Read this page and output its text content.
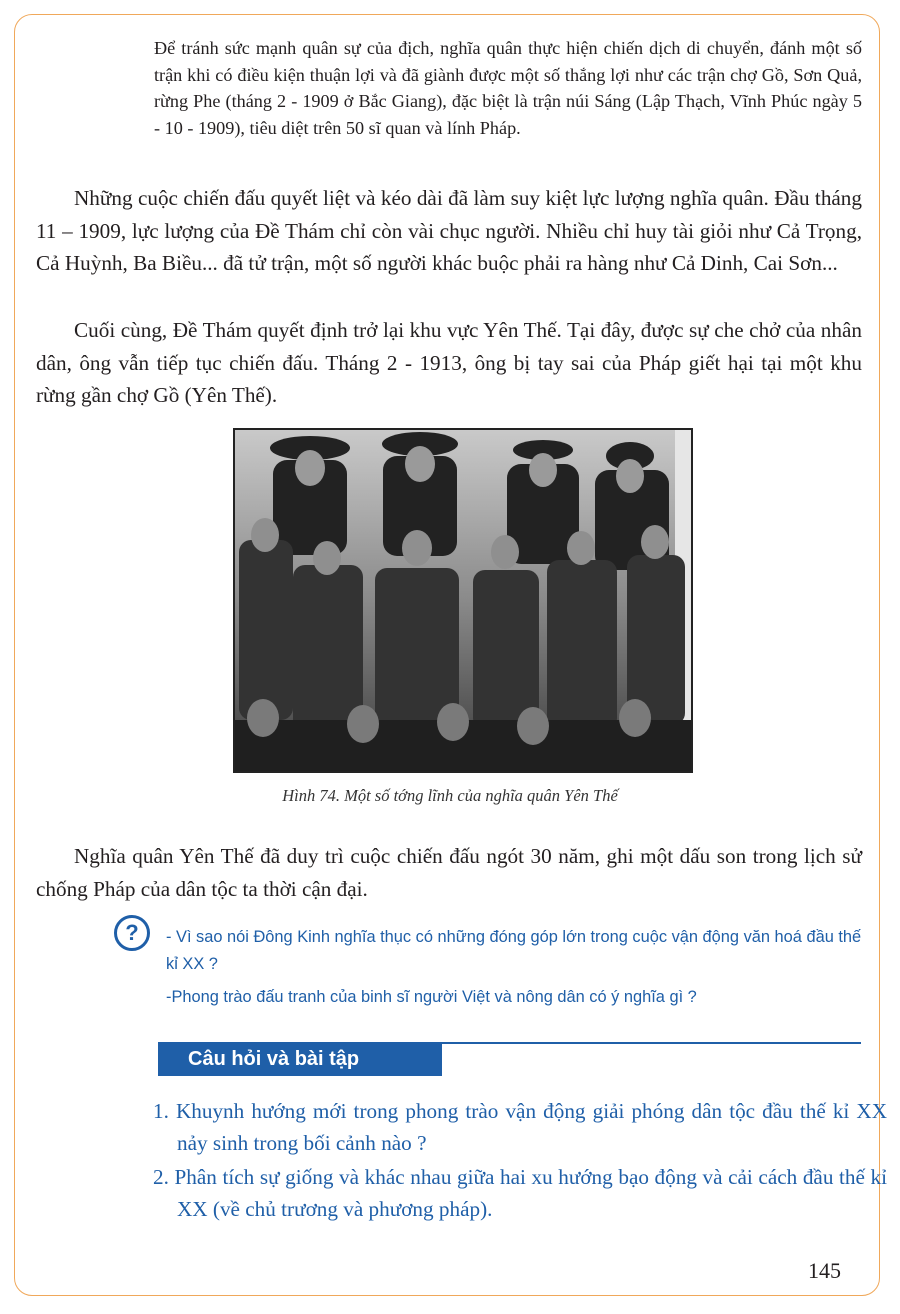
Để tránh sức mạnh quân sự của địch, nghĩa quân thực hiện chiến dịch di chuyển, đánh một số trận khi có điều kiện thuận lợi và đã giành được một số thắng lợi như các trận chợ Gồ, Sơn Quả, rừng Phe (tháng 2 - 1909 ở Bắc Giang), đặc biệt là trận núi Sáng (Lập Thạch, Vĩnh Phúc ngày 5 - 10 - 1909), tiêu diệt trên 50 sĩ quan và lính Pháp.
Những cuộc chiến đấu quyết liệt và kéo dài đã làm suy kiệt lực lượng nghĩa quân. Đầu tháng 11 – 1909, lực lượng của Đề Thám chỉ còn vài chục người. Nhiều chỉ huy tài giỏi như Cả Trọng, Cả Huỳnh, Ba Biều... đã tử trận, một số người khác buộc phải ra hàng như Cả Dinh, Cai Sơn...
Cuối cùng, Đề Thám quyết định trở lại khu vực Yên Thế. Tại đây, được sự che chở của nhân dân, ông vẫn tiếp tục chiến đấu. Tháng 2 - 1913, ông bị tay sai của Pháp giết hại tại một khu rừng gần chợ Gồ (Yên Thế).
Hình 74. Một số tớng lĩnh của nghĩa quân Yên Thế
Nghĩa quân Yên Thế đã duy trì cuộc chiến đấu ngót 30 năm, ghi một dấu son trong lịch sử chống Pháp của dân tộc ta thời cận đại.
?	- Vì sao nói Đông Kinh nghĩa thục có những đóng góp lớn trong cuộc vận động văn hoá đầu thế kỉ XX ?
-Phong trào đấu tranh của binh sĩ người Việt và nông dân có ý nghĩa gì ?
Câu hỏi và bài tập
1. Khuynh hướng mới trong phong trào vận động giải phóng dân tộc đầu thế kỉ XX nảy sinh trong bối cảnh nào ?
2. Phân tích sự giống và khác nhau giữa hai xu hướng bạo động và cải cách đầu thế kỉ XX (về chủ trương và phương pháp).
145
